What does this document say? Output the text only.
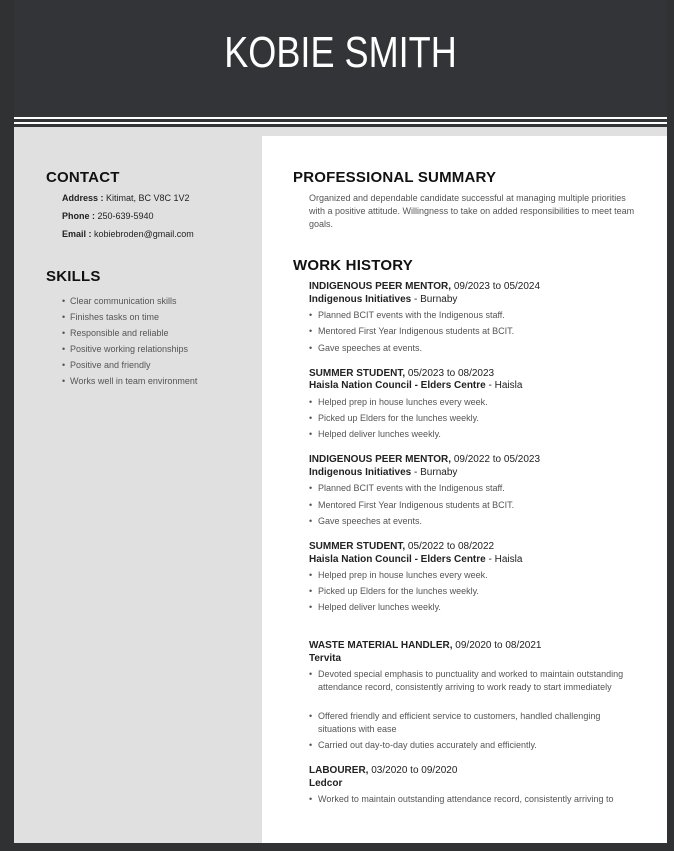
KOBIE SMITH
CONTACT
Address : Kitimat, BC V8C 1V2
Phone : 250-639-5940
Email : kobiebroden@gmail.com
SKILLS
• Clear communication skills
• Finishes tasks on time
• Responsible and reliable
• Positive working relationships
• Positive and friendly
• Works well in team environment
PROFESSIONAL SUMMARY
Organized and dependable candidate successful at managing multiple priorities with a positive attitude. Willingness to take on added responsibilities to meet team goals.
WORK HISTORY
INDIGENOUS PEER MENTOR, 09/2023 to 05/2024
Indigenous Initiatives - Burnaby
• Planned BCIT events with the Indigenous staff.
• Mentored First Year Indigenous students at BCIT.
• Gave speeches at events.
SUMMER STUDENT, 05/2023 to 08/2023
Haisla Nation Council - Elders Centre - Haisla
• Helped prep in house lunches every week.
• Picked up Elders for the lunches weekly.
• Helped deliver lunches weekly.
INDIGENOUS PEER MENTOR, 09/2022 to 05/2023
Indigenous Initiatives - Burnaby
• Planned BCIT events with the Indigenous staff.
• Mentored First Year Indigenous students at BCIT.
• Gave speeches at events.
SUMMER STUDENT, 05/2022 to 08/2022
Haisla Nation Council - Elders Centre - Haisla
• Helped prep in house lunches every week.
• Picked up Elders for the lunches weekly.
• Helped deliver lunches weekly.
WASTE MATERIAL HANDLER, 09/2020 to 08/2021
Tervita
• Devoted special emphasis to punctuality and worked to maintain outstanding attendance record, consistently arriving to work ready to start immediately
• Offered friendly and efficient service to customers, handled challenging situations with ease
• Carried out day-to-day duties accurately and efficiently.
LABOURER, 03/2020 to 09/2020
Ledcor
• Worked to maintain outstanding attendance record, consistently arriving to
